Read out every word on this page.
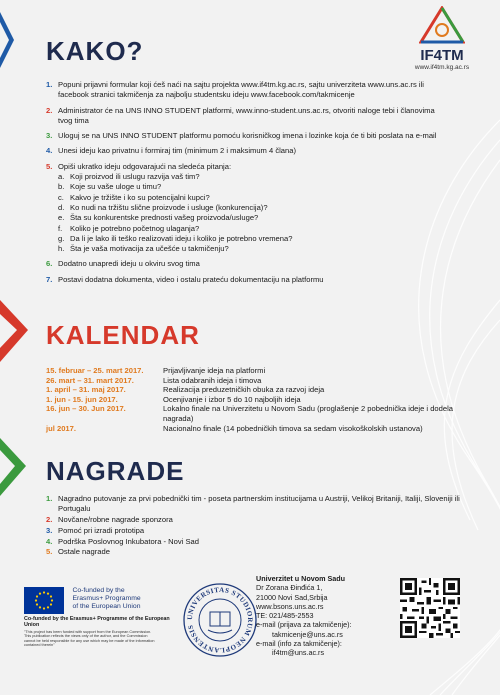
IF4TM
www.if4tm.kg.ac.rs
KAKO?
1. Popuni prijavni formular koji ćeš naći na sajtu projekta www.if4tm.kg.ac.rs, sajtu univerziteta www.uns.ac.rs ili facebook stranici takmičenja za najbolju studentsku ideju www.facebook.com/takmicenje
2. Administrator će na UNS INNO STUDENT platformi, www.inno-student.uns.ac.rs, otvoriti naloge tebi i članovima tvog tima
3. Uloguj se na UNS INNO STUDENT platformu pomoću korisničkog imena i lozinke koja će ti biti poslata na e-mail
4. Unesi ideju kao privatnu i formiraj tim (minimum 2 i maksimum 4 člana)
5. Opiši ukratko ideju odgovarajući na sledeća pitanja:
a. Koji proizvod ili uslugu razvija vaš tim?
b. Koje su vaše uloge u timu?
c. Kakvo je tržište i ko su potencijalni kupci?
d. Ko nudi na tržištu slične proizvode i usluge (konkurencija)?
e. Šta su konkurentske prednosti vašeg proizvoda/usluge?
f.	Koliko je potrebno početnog ulaganja?
g. Da li je lako ili teško realizovati ideju i koliko je potrebno vremena?
h. Šta je vaša motivacija za učešće u takmičenju?
6. Dodatno unapredi ideju u okviru svog tima
7. Postavi dodatna dokumenta, video i ostalu prateću dokumentaciju na platformu
KALENDAR
15. februar – 25. mart 2017.	Prijavljivanje ideja na platformi
26. mart – 31. mart 2017.	Lista odabranih ideja i timova
1. april – 31. maj 2017.	Realizacija preduzetničkih obuka za razvoj ideja
1. jun - 15. jun 2017.	Ocenjivanje i izbor 5 do 10 najboljih ideja
16. jun – 30. Jun 2017.	Lokalno finale na Univerzitetu u Novom Sadu (proglašenje 2 pobednička ideje i dodela nagrada)
jul 2017.	Nacionalno finale (14 pobedničkih timova sa sedam visokoškolskih ustanova)
NAGRADE
1. Nagradno putovanje za prvi pobednički tim - poseta partnerskim institucijama u Austriji, Velikoj Britaniji, Italiji, Sloveniji ili Portugalu
2. Novčane/robne nagrade sponzora
3. Pomoć pri izradi prototipa
4. Podrška Poslovnog Inkubatora - Novi Sad
5. Ostale nagrade

Co-funded by the
Erasmus+ Programme
of the European Union
Co-funded by the Erasmus+ Programme of the European Union
"This project has been funded with support from the European Commission. This publication reflects the views only of the author, and the Commission cannot be held responsible for any use which may be made of the information contained therein"
UNIVERSITAS STUDIORUM NEOPLANTENSIS
Univerzitet u Novom Sadu
Dr Zorana Đinđića 1,
21000 Novi Sad,Srbija
www.bsons.uns.ac.rs
TE: 021/485-2553
e-mail (prijava za takmičenje):
takmicenje@uns.ac.rs
e-mail (info za takmičenje):
if4tm@uns.ac.rs
